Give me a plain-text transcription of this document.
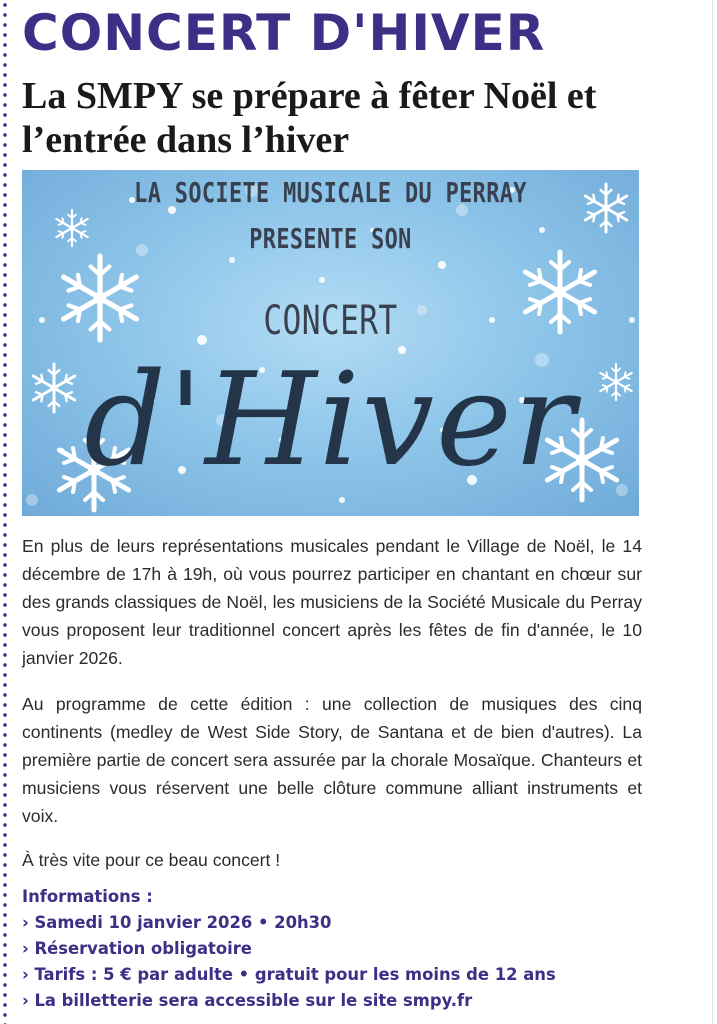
CONCERT D'HIVER
La SMPY se prépare à fêter Noël et l’entrée dans l’hiver
LA SOCIETE MUSICALE DU PERRAY
PRESENTE SON
CONCERT
d'Hiver

En plus de leurs représentations musicales pendant le Village de Noël, le 14 décembre de 17h à 19h, où vous pourrez participer en chantant en chœur sur des grands classiques de Noël, les musiciens de la Société Musicale du Perray vous proposent leur traditionnel concert après les fêtes de fin d'année, le 10 janvier 2026.

Au programme de cette édition : une collection de musiques des cinq continents (medley de West Side Story, de Santana et de bien d'autres). La première partie de concert sera assurée par la chorale Mosaïque. Chanteurs et musiciens vous réservent une belle clôture commune alliant instruments et voix.

À très vite pour ce beau concert !

Informations :
› Samedi 10 janvier 2026 • 20h30
› Réservation obligatoire
› Tarifs : 5 € par adulte • gratuit pour les moins de 12 ans
› La billetterie sera accessible sur le site smpy.fr
